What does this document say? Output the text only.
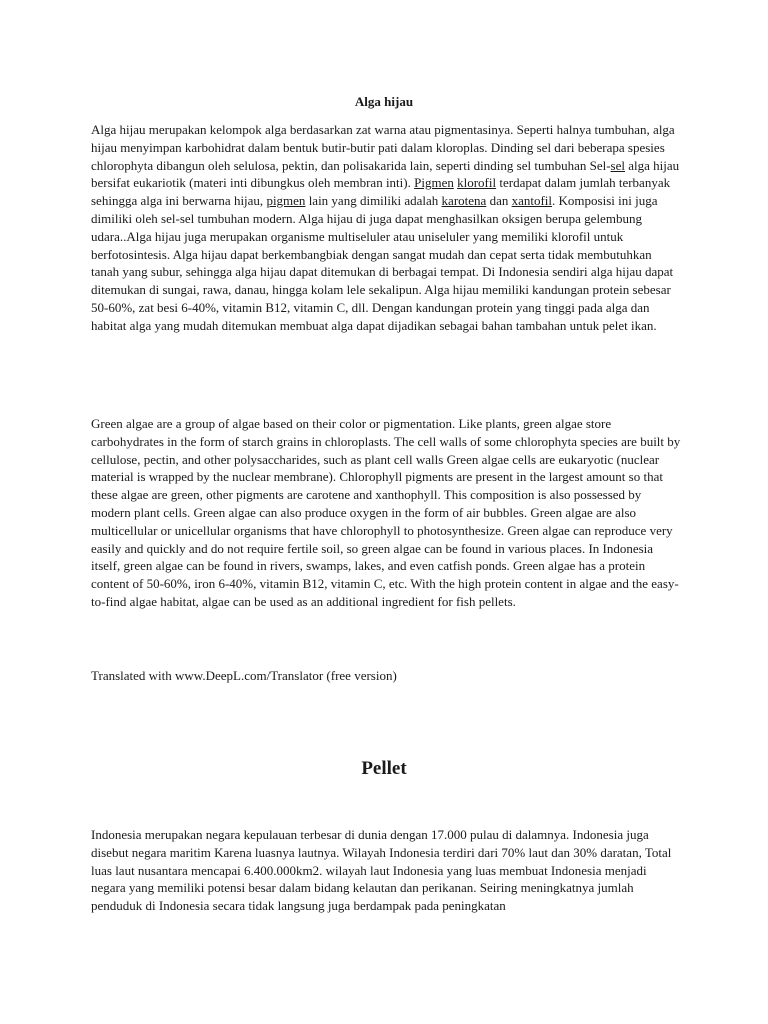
Alga hijau

Alga hijau merupakan kelompok alga berdasarkan zat warna atau pigmentasinya. Seperti halnya tumbuhan, alga hijau menyimpan karbohidrat dalam bentuk butir-butir pati dalam kloroplas. Dinding sel dari beberapa spesies chlorophyta dibangun oleh selulosa, pektin, dan polisakarida lain, seperti dinding sel tumbuhan Sel-sel alga hijau bersifat eukariotik (materi inti dibungkus oleh membran inti). Pigmen klorofil terdapat dalam jumlah terbanyak sehingga alga ini berwarna hijau, pigmen lain yang dimiliki adalah karotena dan xantofil. Komposisi ini juga dimiliki oleh sel-sel tumbuhan modern. Alga hijau di juga dapat menghasilkan oksigen berupa gelembung udara..Alga hijau juga merupakan organisme multiseluler atau uniseluler yang memiliki klorofil untuk berfotosintesis. Alga hijau dapat berkembangbiak dengan sangat mudah dan cepat serta tidak membutuhkan tanah yang subur, sehingga alga hijau dapat ditemukan di berbagai tempat. Di Indonesia sendiri alga hijau dapat ditemukan di sungai, rawa, danau, hingga kolam lele sekalipun. Alga hijau memiliki kandungan protein sebesar 50-60%, zat besi 6-40%, vitamin B12, vitamin C, dll. Dengan kandungan protein yang tinggi pada alga dan habitat alga yang mudah ditemukan membuat alga dapat dijadikan sebagai bahan tambahan untuk pelet ikan.

Green algae are a group of algae based on their color or pigmentation. Like plants, green algae store carbohydrates in the form of starch grains in chloroplasts. The cell walls of some chlorophyta species are built by cellulose, pectin, and other polysaccharides, such as plant cell walls Green algae cells are eukaryotic (nuclear material is wrapped by the nuclear membrane). Chlorophyll pigments are present in the largest amount so that these algae are green, other pigments are carotene and xanthophyll. This composition is also possessed by modern plant cells. Green algae can also produce oxygen in the form of air bubbles. Green algae are also multicellular or unicellular organisms that have chlorophyll to photosynthesize. Green algae can reproduce very easily and quickly and do not require fertile soil, so green algae can be found in various places. In Indonesia itself, green algae can be found in rivers, swamps, lakes, and even catfish ponds. Green algae has a protein content of 50-60%, iron 6-40%, vitamin B12, vitamin C, etc. With the high protein content in algae and the easy-to-find algae habitat, algae can be used as an additional ingredient for fish pellets.

Translated with www.DeepL.com/Translator (free version)

Pellet

Indonesia merupakan negara kepulauan terbesar di dunia dengan 17.000 pulau di dalamnya. Indonesia juga disebut negara maritim Karena luasnya lautnya. Wilayah Indonesia terdiri dari 70% laut dan 30% daratan, Total luas laut nusantara mencapai 6.400.000km2. wilayah laut Indonesia yang luas membuat Indonesia menjadi negara yang memiliki potensi besar dalam bidang kelautan dan perikanan. Seiring meningkatnya jumlah penduduk di Indonesia secara tidak langsung juga berdampak pada peningkatan
